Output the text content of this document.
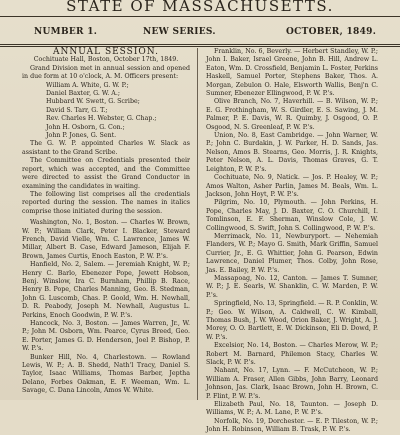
STATE OF MASSACHUSETTS.
NUMBER 1.	NEW SERIES.	OCTOBER, 1849.

ANNUAL SESSION.

Cochituate Hall, Boston, October 17th, 1849.

Grand Division met in annual session and opened in due form at 10 o'clock, A. M. Officers present:

William A. White, G. W. P.;

Daniel Baxter, G. W. A.;

Hubbard W. Swett, G. Scribe;

David S. Tarr, G. T.;

Rev. Charles H. Webster, G. Chap.;

John H. Osborn, G. Con.;

John P. Jones, G. Sent.

The G. W. P. appointed Charles W. Slack as assistant to the Grand Scribe.

The Committee on Credentials presented their report, which was accepted, and the Committee were directed to assist the Grand Conductor in examining the candidates in waiting.

The following list comprises all the credentials reported during the session. The names in italics comprise those initiated during the session.

Washington, No. 1, Boston. — Charles W. Brown, W. P.; William Clark, Peter I. Blacker, Steward French, David Vielle, Wm. C. Lawrence, James W. Millar, Albert B. Case, Edward Jameson, Elijah F. Brown, James Curtis, Enoch Easton, P. W. P.'s.

Hanfield, No. 2, Salem. — Jeremiah Knight, W. P.; Henry C. Barlo, Ebenezer Pope, Jewett Hobson, Benj. Winslow, Ira C. Burnham, Phillip B. Race, Henry B. Pope, Charles Manning, Geo. B. Stedman, John G. Luscomb, Chas. P. Goold, Wm. H. Newhall, D. R. Peabody, Joseph M. Newhall, Augustus L. Perkins, Enoch Goodwin, P. W. P.'s.

Hancock, No. 3, Boston. — James Warren, Jr., W. P.; John M. Osborn, Wm. Pearce, Cyrus Breed, Geo. E. Porter, James G. D. Henderson, Joel P. Bishop, P. W. P.'s.

Bunker Hill, No. 4, Charlestown. — Rowland Lewis, W. P.; A. B. Shedd, Nath'l Tracy, Daniel S. Taylor, Isaac Williams, Thomas Barber, Jeptha Delano, Forbes Oakman, E. F. Weeman, Wm. L. Savage, C. Dana Lincoln, Amos W. White.

Franklin, No. 6, Beverly. — Herbert Standley, W. P.; John I. Baker, Israel Greene, John B. Hill, Andrew L. Eaton, Wm. D. Crossfield, Benjamin L. Foster, Perkins Haskell, Samuel Porter, Stephens Baker, Thos. A. Morgan, Zebulon O. Hale, Elsworth Wallis, Benj'n C. Sumner, Ebenezer Ellingwood, P. W. P.'s.

Olive Branch, No. 7, Haverhill. — B. Wilson, W. P.; E. G. Frothingham, W. S. Girdler, E. S. Sawing, J. M. Palmer, P. E. Davis, W. R. Quimby, J. Osgood, O. P. Osgood, N. S. Greenleaf, P. W. P.'s.

Union, No. 8, East Cambridge. — John Warner, W. P.; John C. Burdakin, J. W. Parker, H. D. Sands, Jas. Nelson, Amos B. Stearns, Geo. Morris, J. R. Knights, Peter Nelson, A. L. Davis, Thomas Graves, G. T. Leighton, P. W. P.'s.

Cochituate, No. 9, Natick. — Jos. P. Healey, W. P.; Amos Walton, Asher Parlin, James M. Beals, Wm. L. Jackson, John Hoyt, P. W. P.'s.

Pilgrim, No. 10, Plymouth. — John Perkins, H. Pope, Charles May, J. D. Baxter, C. O. Churchill, I. Tomlinson, E. F. Sherman, Winslow Cole, J. W. Collingwood, S. Swift, John S. Collingwood, P. W. P.'s.

Merrimack, No. 11, Newburyport. — Nehemiah Flanders, W. P.; Mayo G. Smith, Mark Griffin, Samuel Currier, Jr., E. G. Whittier, John G. Pearson, Edwin Lawrence, Daniel Plumer, Thos. Colby, John Rose, Jas. E. Bailey, P. W. P.'s.

Massapoag, No. 12, Canton. — James T. Sumner, W. P.; J. E. Searls, W. Shanklin, C. W. Marden, P. W. P.'s.

Springfield, No. 13, Springfield. — R. P. Conklin, W. P.; Geo. W. Wilson, A. Caldwell, C. W. Kimball, Thomas Bush, J. W. Wood, Orion Baker, J. Wright, A. J. Morey, O. O. Bartlett, E. W. Dickinson, Eli D. Dowd, P. W. P.'s.

Excelsior, No. 14, Boston. — Charles Merow, W. P.; Robert M. Barnard, Philemon Stacy, Charles W. Slack, P. W. P.'s.

Nahant, No. 17, Lynn. — F. McCutcheon, W. P.; William A. Fraser, Allen Gibbs, John Barry, Leonard Johnson, Jas. Clark, Isaac Brown, John H. Brown, C. P. Flint, P. W. P.'s.

Elizabeth Paul, No. 18, Taunton. — Joseph D. Williams, W. P.; A. M. Lane, P. W. P.'s.

Norfolk, No. 19, Dorchester. — E. P. Tileston, W. P.; John H. Robinson, William B. Trask, P. W. P.'s.
